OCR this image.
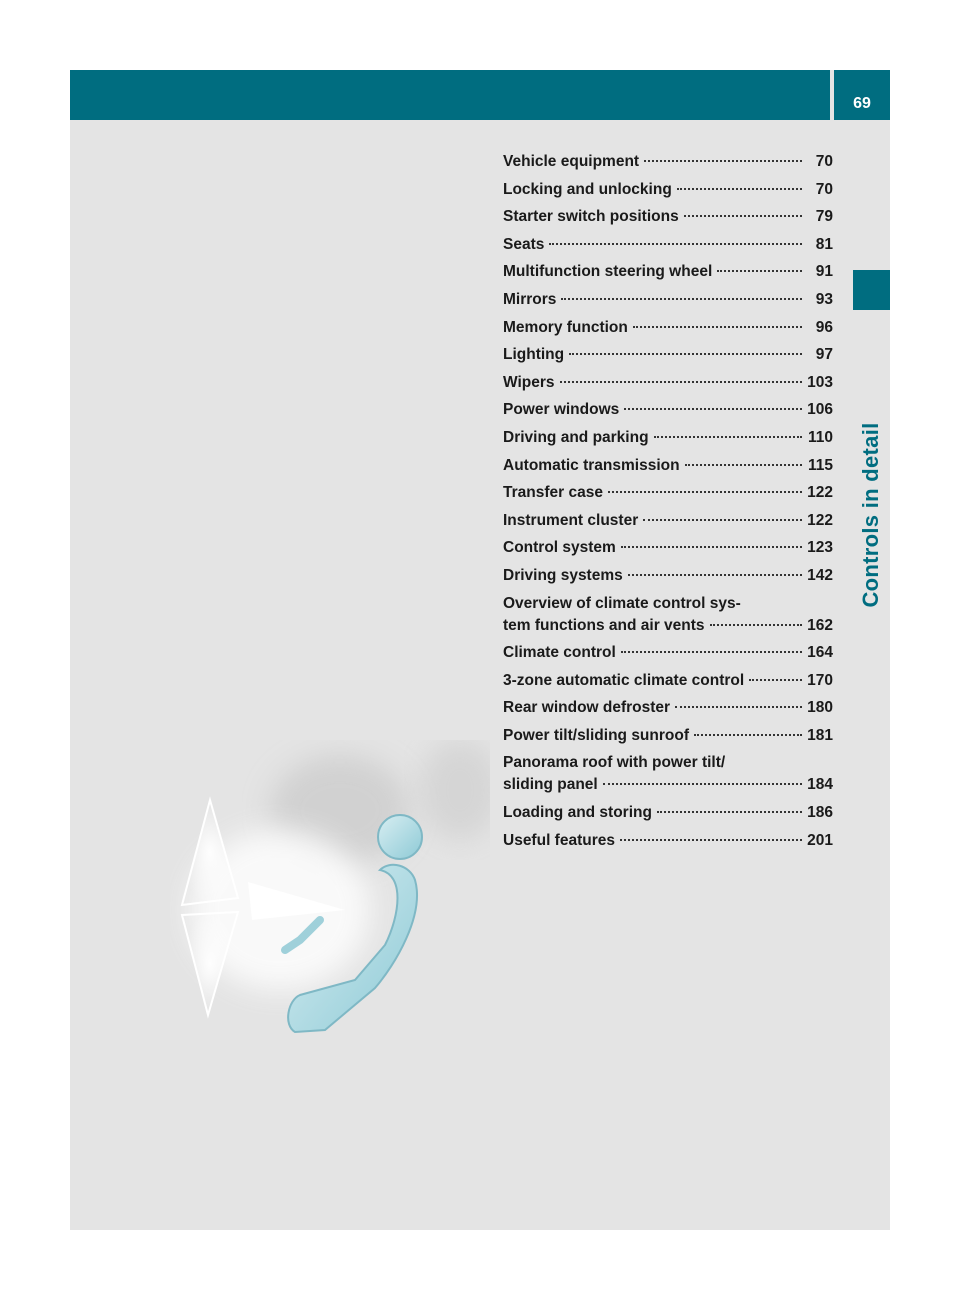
69
Controls in detail
Vehicle equipment	70
Locking and unlocking	70
Starter switch positions	79
Seats	81
Multifunction steering wheel	91
Mirrors	93
Memory function	96
Lighting	97
Wipers	103
Power windows	106
Driving and parking	110
Automatic transmission	115
Transfer case	122
Instrument cluster	122
Control system	123
Driving systems	142
Overview of climate control sys-
tem functions and air vents	162
Climate control	164
3-zone automatic climate control	170
Rear window defroster	180
Power tilt/sliding sunroof	181
Panorama roof with power tilt/
sliding panel	184
Loading and storing	186
Useful features	201
